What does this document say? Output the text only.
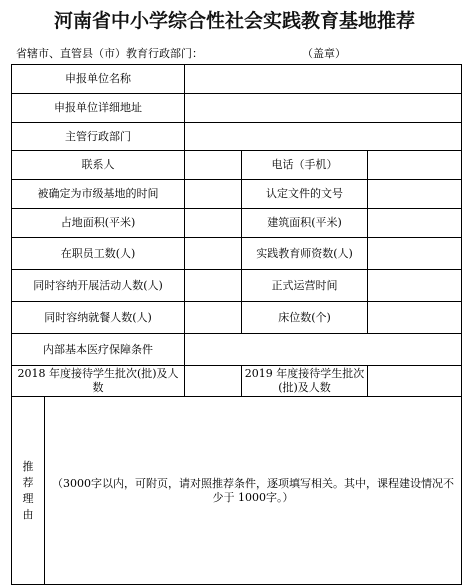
河南省中小学综合性社会实践教育基地推荐
省辖市、直管县（市）教育行政部门：	（盖章）
申报单位名称				
申报单位详细地址				
主管行政部门				
联系人			电话（手机）	
被确定为市级基地的时间			认定文件的文号	
占地面积(平米)			建筑面积(平米)	
在职员工数(人)			实践教育师资数(人)	
同时容纳开展活动人数(人)			正式运营时间	
同时容纳就餐人数(人)			床位数(个)	
内部基本医疗保障条件				
2018 年度接待学生批次(批)及人数			2019 年度接待学生批次(批)及人数	
推荐理由	（3000字以内，可附页，请对照推荐条件，逐项填写相关。其中，课程建设情况不少于 1000字。）			
